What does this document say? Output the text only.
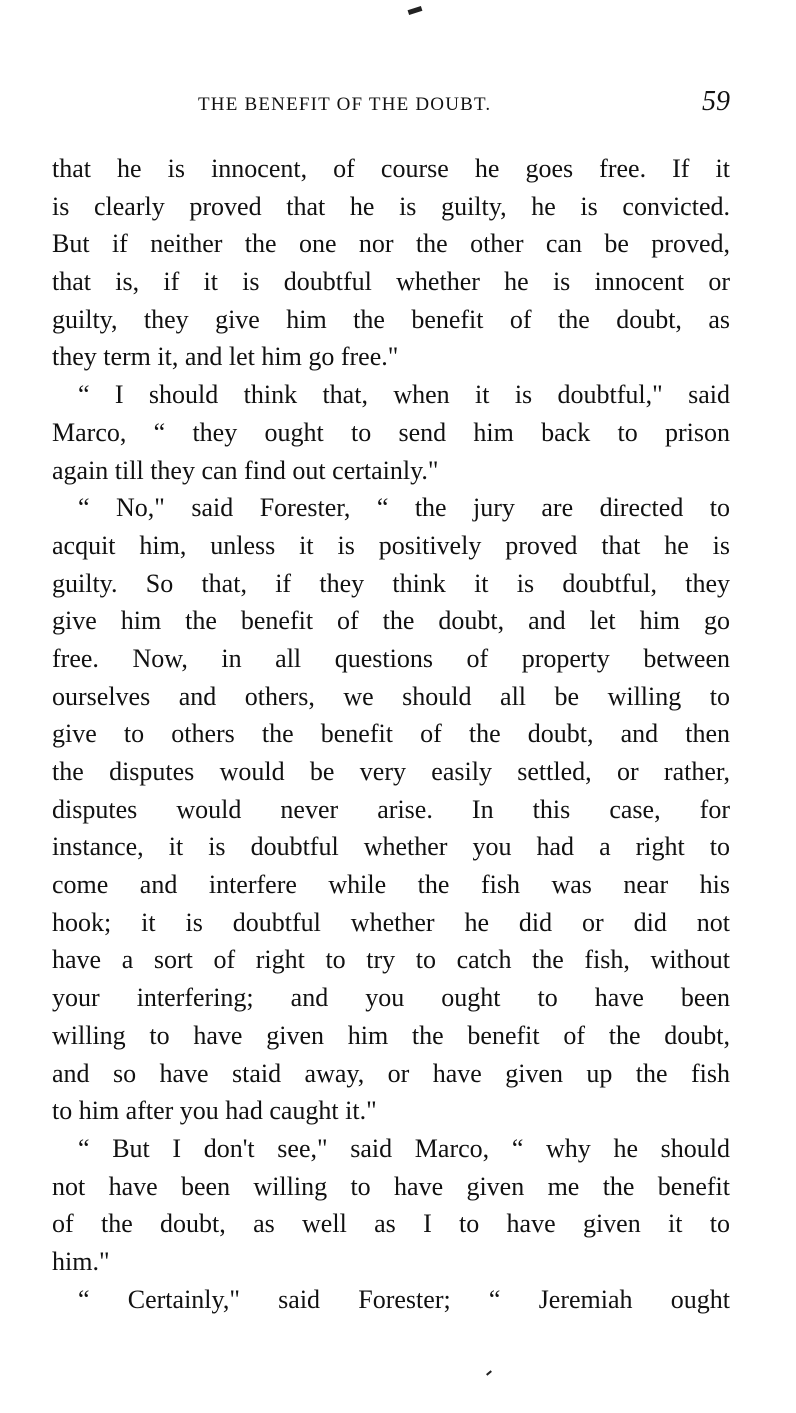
THE BENEFIT OF THE DOUBT.	59
that he is innocent, of course he goes free. If it
is clearly proved that he is guilty, he is convicted.
But if neither the one nor the other can be proved,
that is, if it is doubtful whether he is innocent or
guilty, they give him the benefit of the doubt, as
they term it, and let him go free."
“ I should think that, when it is doubtful," said
Marco, “ they ought to send him back to prison
again till they can find out certainly."
“ No," said Forester, “ the jury are directed to
acquit him, unless it is positively proved that he is
guilty. So that, if they think it is doubtful, they
give him the benefit of the doubt, and let him go
free. Now, in all questions of property between
ourselves and others, we should all be willing to
give to others the benefit of the doubt, and then
the disputes would be very easily settled, or rather,
disputes would never arise. In this case, for
instance, it is doubtful whether you had a right to
come and interfere while the fish was near his
hook; it is doubtful whether he did or did not
have a sort of right to try to catch the fish, without
your interfering; and you ought to have been
willing to have given him the benefit of the doubt,
and so have staid away, or have given up the fish
to him after you had caught it."
“ But I don't see," said Marco, “ why he should
not have been willing to have given me the benefit
of the doubt, as well as I to have given it to
him."
“ Certainly," said Forester; “ Jeremiah ought
